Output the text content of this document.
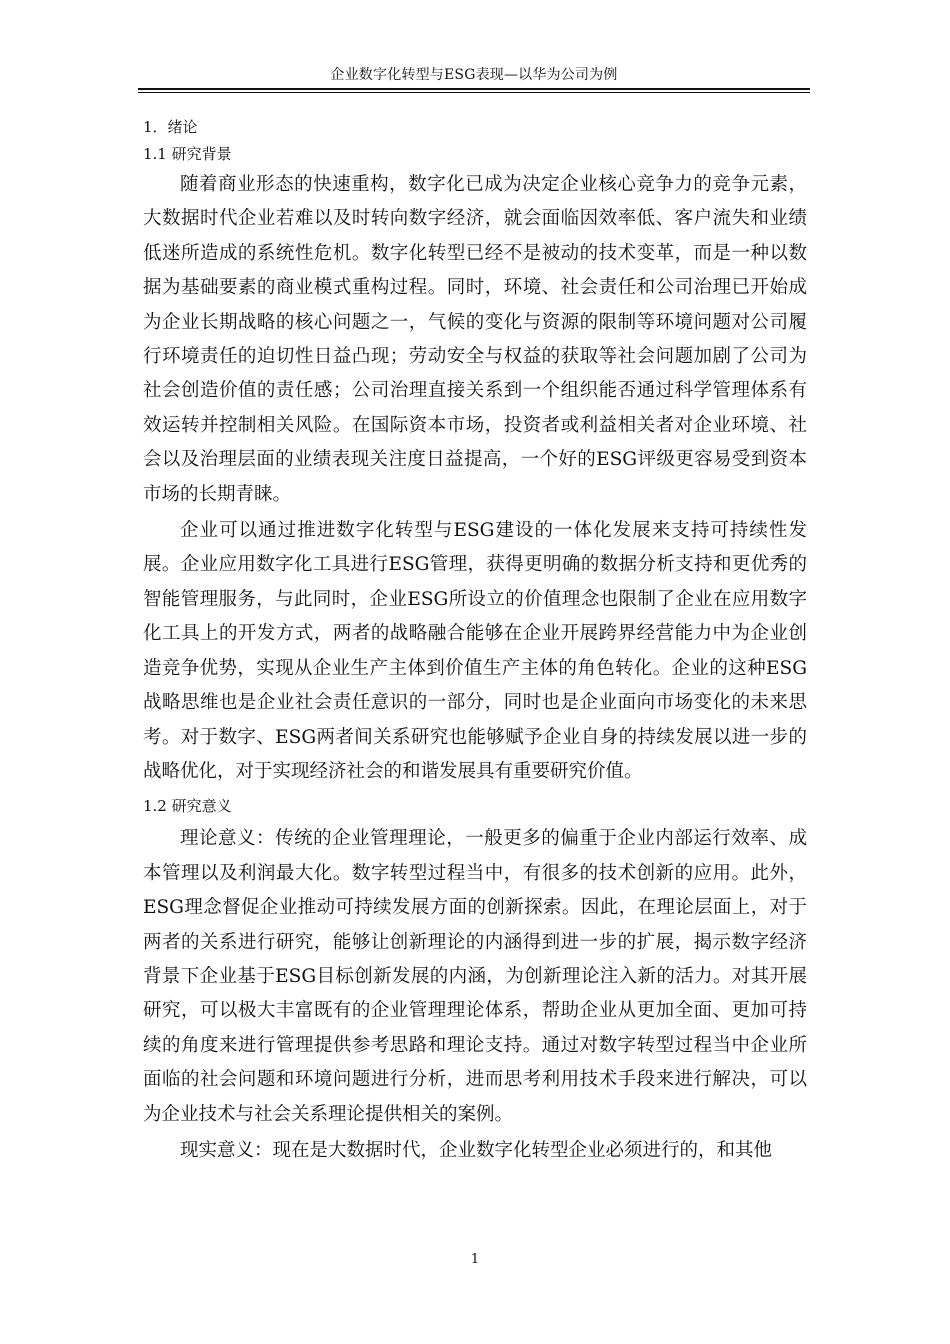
企业数字化转型与ESG表现—以华为公司为例
1．绪论
1.1 研究背景

随着商业形态的快速重构，数字化已成为决定企业核心竞争力的竞争元素，大数据时代企业若难以及时转向数字经济，就会面临因效率低、客户流失和业绩低迷所造成的系统性危机。数字化转型已经不是被动的技术变革，而是一种以数据为基础要素的商业模式重构过程。同时，环境、社会责任和公司治理已开始成为企业长期战略的核心问题之一，气候的变化与资源的限制等环境问题对公司履行环境责任的迫切性日益凸现；劳动安全与权益的获取等社会问题加剧了公司为社会创造价值的责任感；公司治理直接关系到一个组织能否通过科学管理体系有效运转并控制相关风险。在国际资本市场，投资者或利益相关者对企业环境、社会以及治理层面的业绩表现关注度日益提高，一个好的ESG评级更容易受到资本市场的长期青睐。

企业可以通过推进数字化转型与ESG建设的一体化发展来支持可持续性发展。企业应用数字化工具进行ESG管理，获得更明确的数据分析支持和更优秀的智能管理服务，与此同时，企业ESG所设立的价值理念也限制了企业在应用数字化工具上的开发方式，两者的战略融合能够在企业开展跨界经营能力中为企业创造竞争优势，实现从企业生产主体到价值生产主体的角色转化。企业的这种ESG战略思维也是企业社会责任意识的一部分，同时也是企业面向市场变化的未来思考。对于数字、ESG两者间关系研究也能够赋予企业自身的持续发展以进一步的战略优化，对于实现经济社会的和谐发展具有重要研究价值。

1.2 研究意义

理论意义：传统的企业管理理论，一般更多的偏重于企业内部运行效率、成本管理以及利润最大化。数字转型过程当中，有很多的技术创新的应用。此外，ESG理念督促企业推动可持续发展方面的创新探索。因此，在理论层面上，对于两者的关系进行研究，能够让创新理论的内涵得到进一步的扩展，揭示数字经济背景下企业基于ESG目标创新发展的内涵，为创新理论注入新的活力。对其开展研究，可以极大丰富既有的企业管理理论体系，帮助企业从更加全面、更加可持续的角度来进行管理提供参考思路和理论支持。通过对数字转型过程当中企业所面临的社会问题和环境问题进行分析，进而思考利用技术手段来进行解决，可以为企业技术与社会关系理论提供相关的案例。

现实意义：现在是大数据时代，企业数字化转型企业必须进行的，和其他

1
